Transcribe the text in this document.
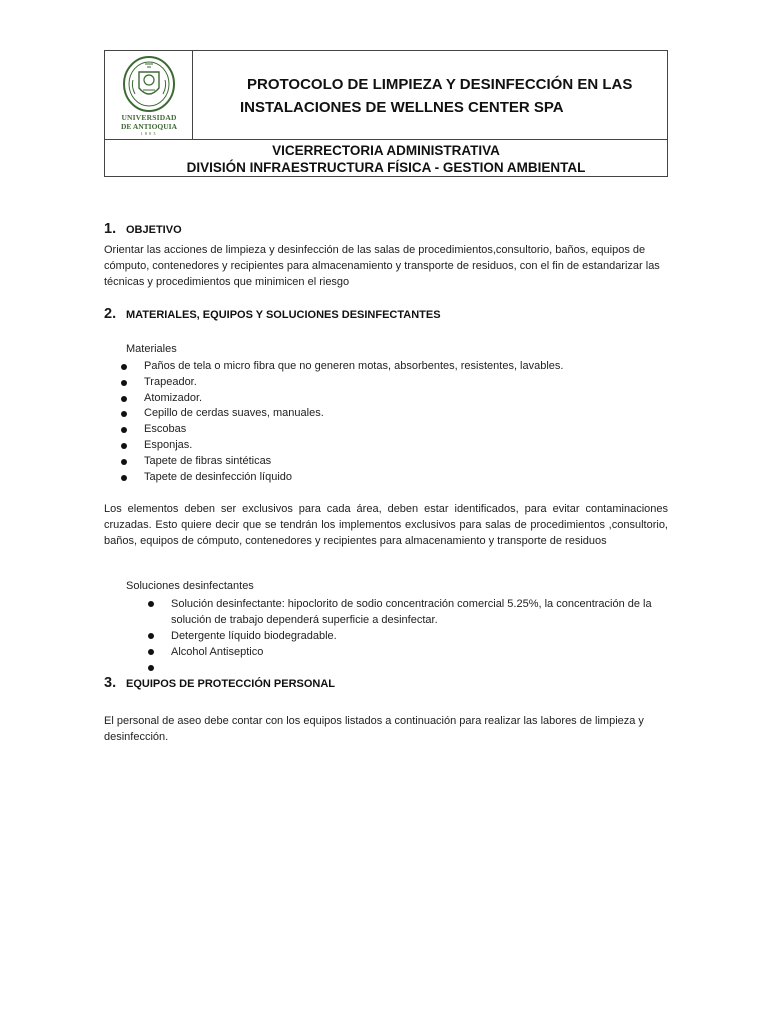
UNIVERSIDAD
DE ANTIOQUIA
1803
PROTOCOLO DE LIMPIEZA Y DESINFECCIÓN EN LAS
INSTALACIONES DE WELLNES CENTER SPA
VICERRECTORIA ADMINISTRATIVA
DIVISIÓN INFRAESTRUCTURA FÍSICA - GESTION AMBIENTAL
1. OBJETIVO
Orientar las acciones de limpieza y desinfección de las salas de procedimientos,consultorio, baños, equipos de cómputo, contenedores y recipientes para almacenamiento y transporte de residuos, con el fin de estandarizar las técnicas y procedimientos que minimicen el riesgo
2. MATERIALES, EQUIPOS Y SOLUCIONES DESINFECTANTES
Materiales
Paños de tela o micro fibra que no generen motas, absorbentes, resistentes, lavables.
Trapeador.
Atomizador.
Cepillo de cerdas suaves, manuales.
Escobas
Esponjas.
Tapete de fibras sintéticas
Tapete de desinfección líquido
Los elementos deben ser exclusivos para cada área, deben estar identificados, para evitar contaminaciones cruzadas. Esto quiere decir que se tendrán los implementos exclusivos para salas de procedimientos ,consultorio, baños, equipos de cómputo, contenedores y recipientes para almacenamiento y transporte de residuos
Soluciones desinfectantes
Solución desinfectante: hipoclorito de sodio concentración comercial 5.25%, la concentración de la solución de trabajo dependerá superficie a desinfectar.
Detergente líquido biodegradable.
Alcohol Antiseptico
3. EQUIPOS DE PROTECCIÓN PERSONAL
El personal de aseo debe contar con los equipos listados a continuación para realizar las labores de limpieza y desinfección.
